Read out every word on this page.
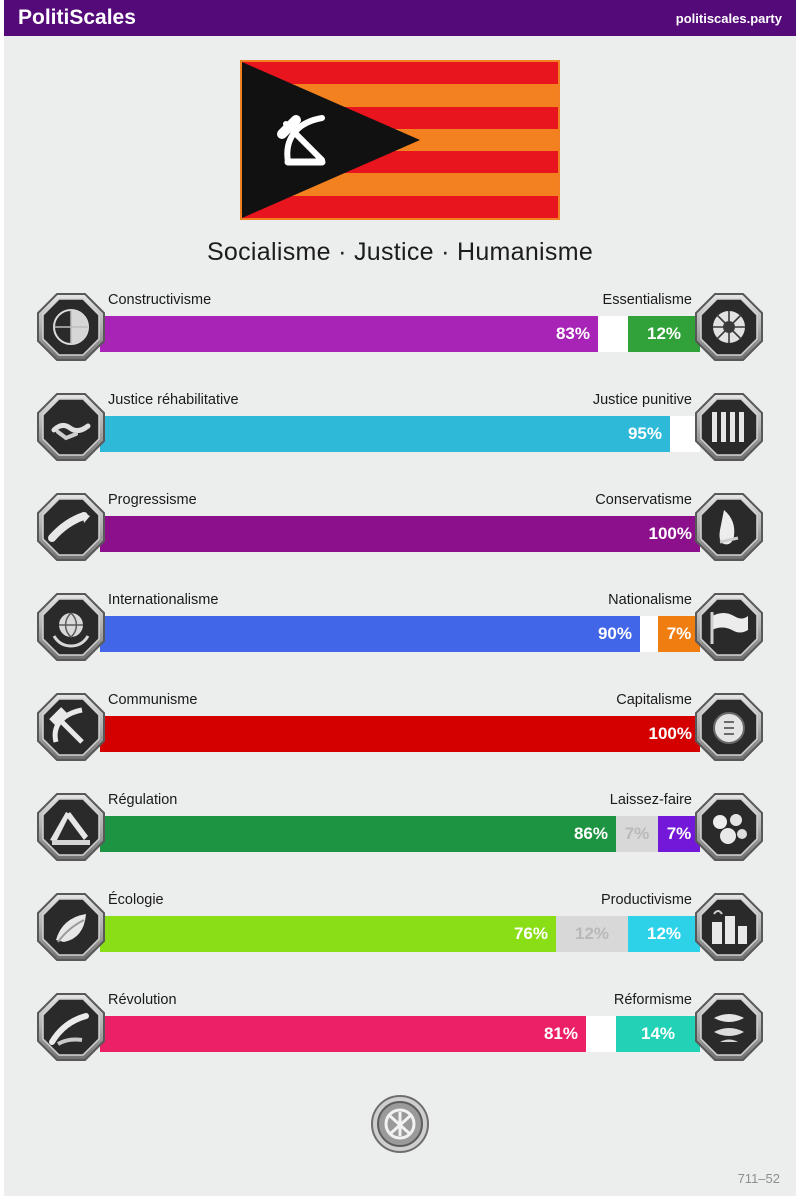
PolitiScales	politiscales.party
Socialisme · Justice · Humanisme
Constructivisme	Essentialisme
83%	12%
Justice réhabilitative	Justice punitive
95%
Progressisme	Conservatisme
100%
Internationalisme	Nationalisme
90%	7%
Communisme	Capitalisme
100%
Régulation	Laissez-faire
86% 7%	7%
Écologie	Productivisme
76%	12%	12%
Révolution	Réformisme
81%	14%
711–52
